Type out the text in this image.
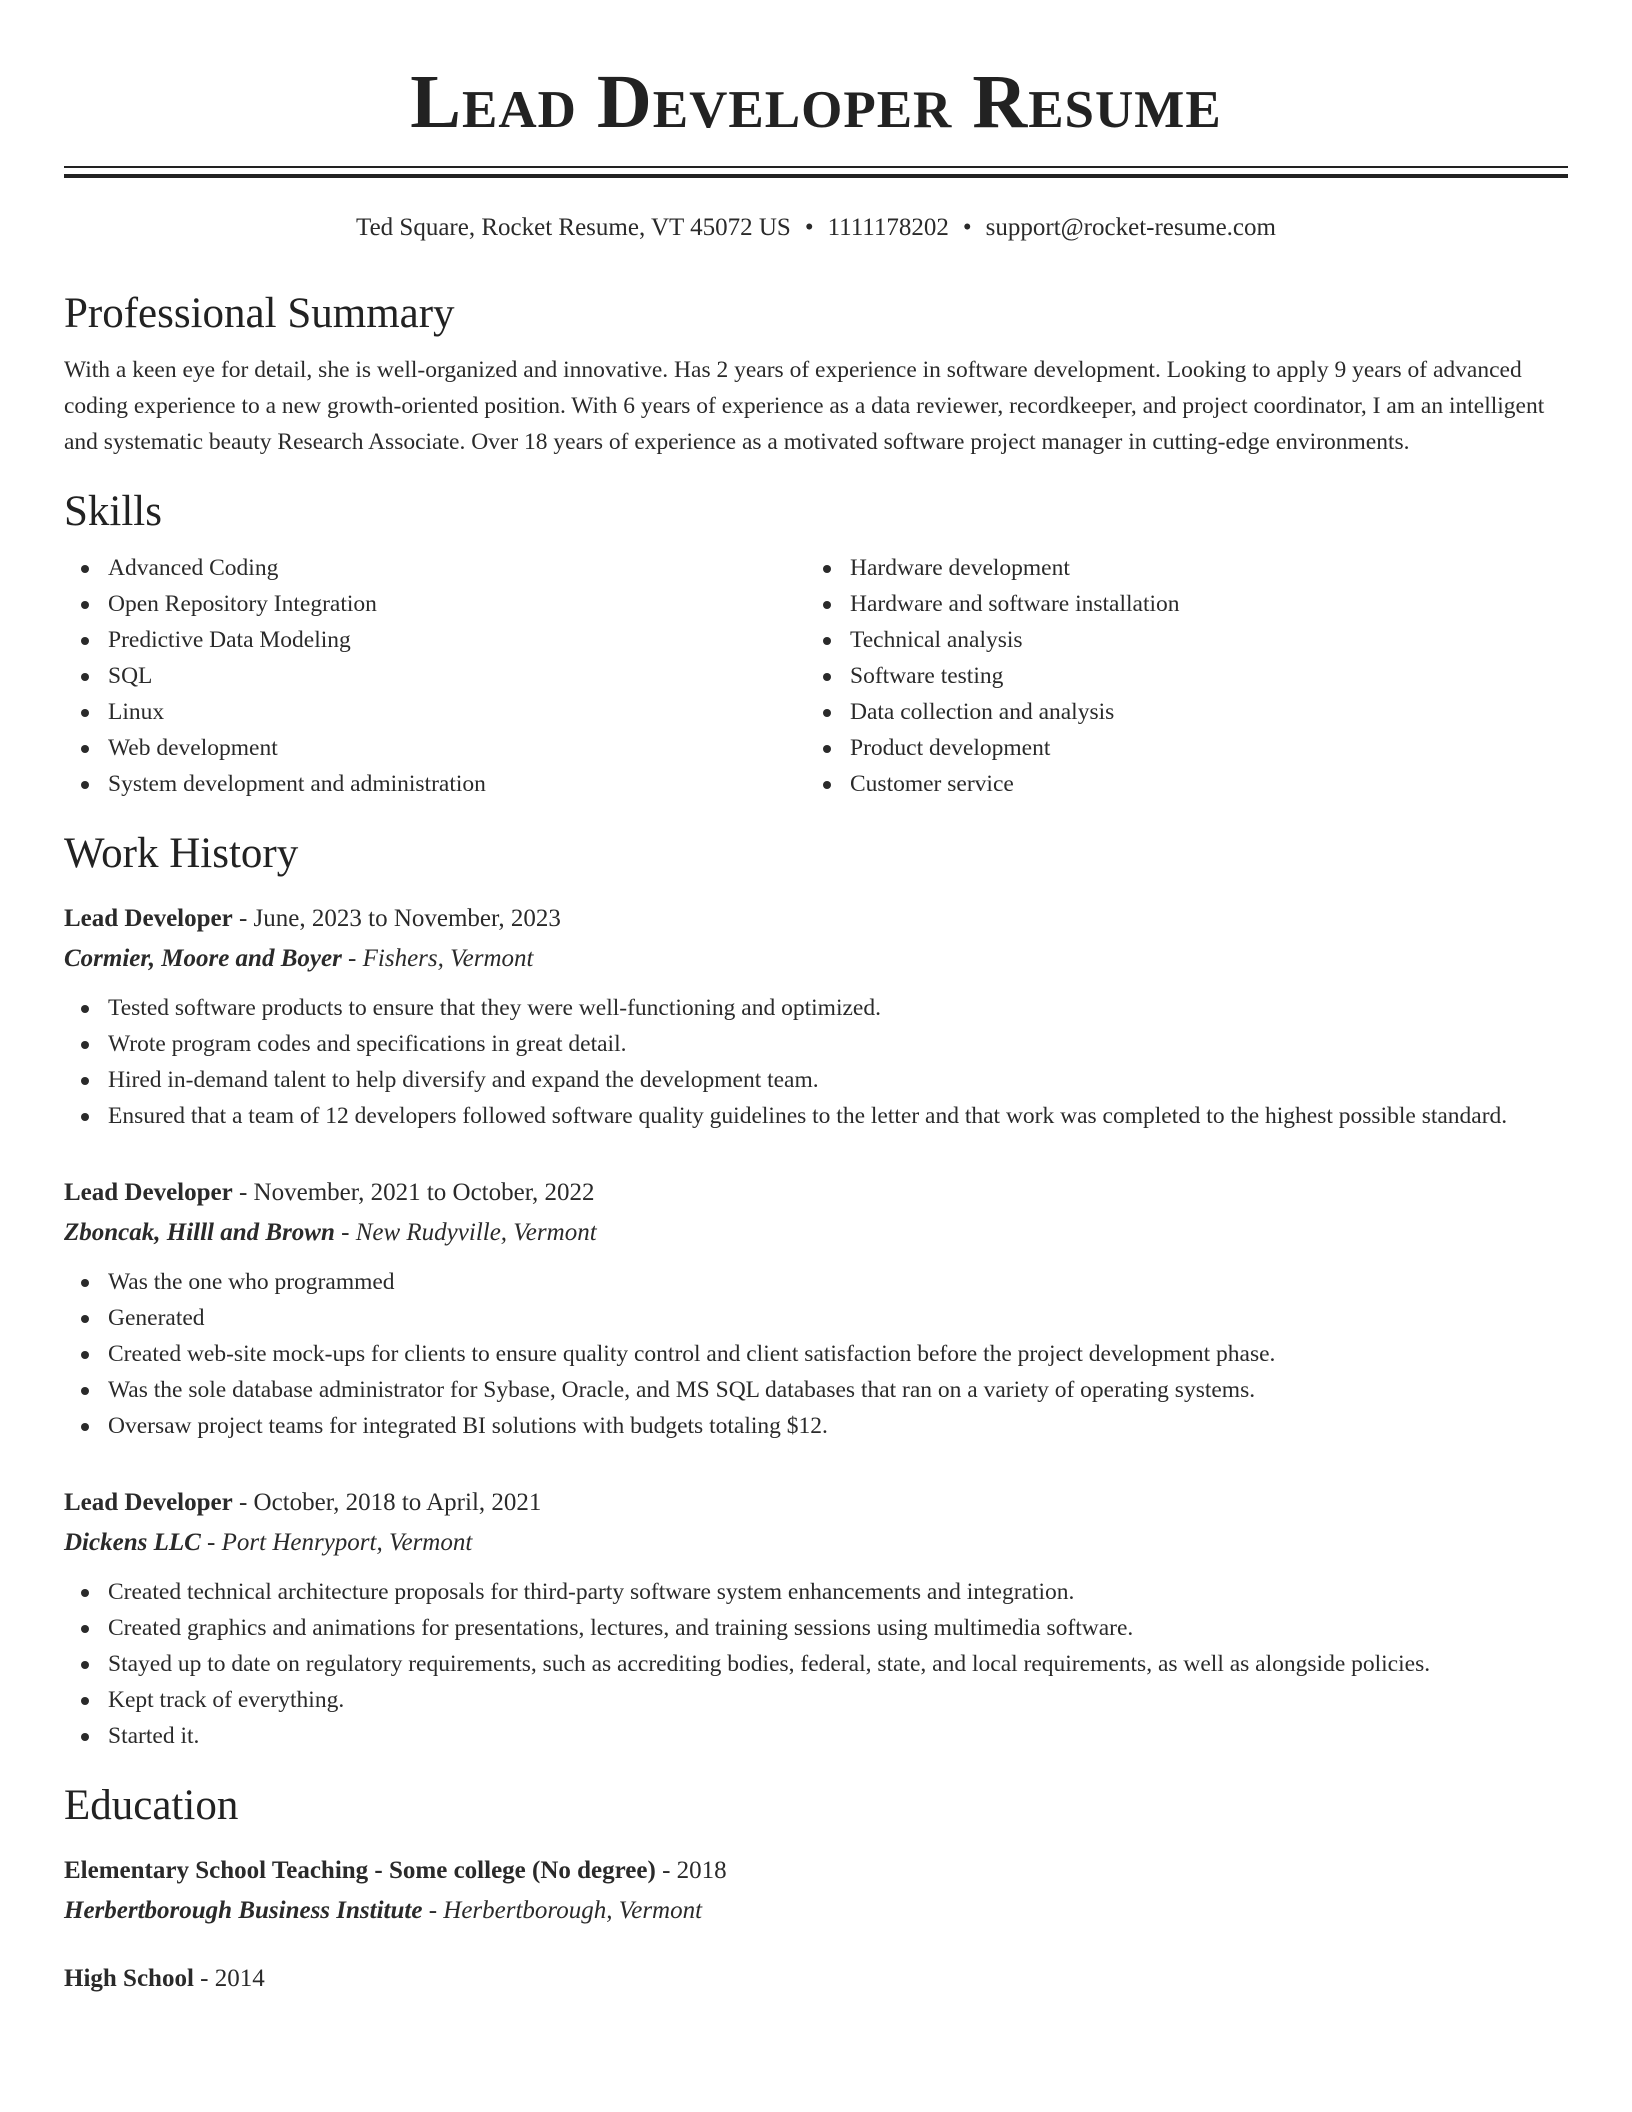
Lead Developer Resume
Ted Square, Rocket Resume, VT 45072 US • 1111178202 • support@rocket-resume.com
Professional Summary
With a keen eye for detail, she is well-organized and innovative. Has 2 years of experience in software development. Looking to apply 9 years of advanced coding experience to a new growth-oriented position. With 6 years of experience as a data reviewer, recordkeeper, and project coordinator, I am an intelligent and systematic beauty Research Associate. Over 18 years of experience as a motivated software project manager in cutting-edge environments.
Skills
Advanced Coding
Open Repository Integration
Predictive Data Modeling
SQL
Linux
Web development
System development and administration
Hardware development
Hardware and software installation
Technical analysis
Software testing
Data collection and analysis
Product development
Customer service
Work History
Lead Developer - June, 2023 to November, 2023
Cormier, Moore and Boyer - Fishers, Vermont
Tested software products to ensure that they were well-functioning and optimized.
Wrote program codes and specifications in great detail.
Hired in-demand talent to help diversify and expand the development team.
Ensured that a team of 12 developers followed software quality guidelines to the letter and that work was completed to the highest possible standard.
Lead Developer - November, 2021 to October, 2022
Zboncak, Hilll and Brown - New Rudyville, Vermont
Was the one who programmed
Generated
Created web-site mock-ups for clients to ensure quality control and client satisfaction before the project development phase.
Was the sole database administrator for Sybase, Oracle, and MS SQL databases that ran on a variety of operating systems.
Oversaw project teams for integrated BI solutions with budgets totaling $12.
Lead Developer - October, 2018 to April, 2021
Dickens LLC - Port Henryport, Vermont
Created technical architecture proposals for third-party software system enhancements and integration.
Created graphics and animations for presentations, lectures, and training sessions using multimedia software.
Stayed up to date on regulatory requirements, such as accrediting bodies, federal, state, and local requirements, as well as alongside policies.
Kept track of everything.
Started it.
Education
Elementary School Teaching - Some college (No degree) - 2018
Herbertborough Business Institute - Herbertborough, Vermont
High School - 2014
